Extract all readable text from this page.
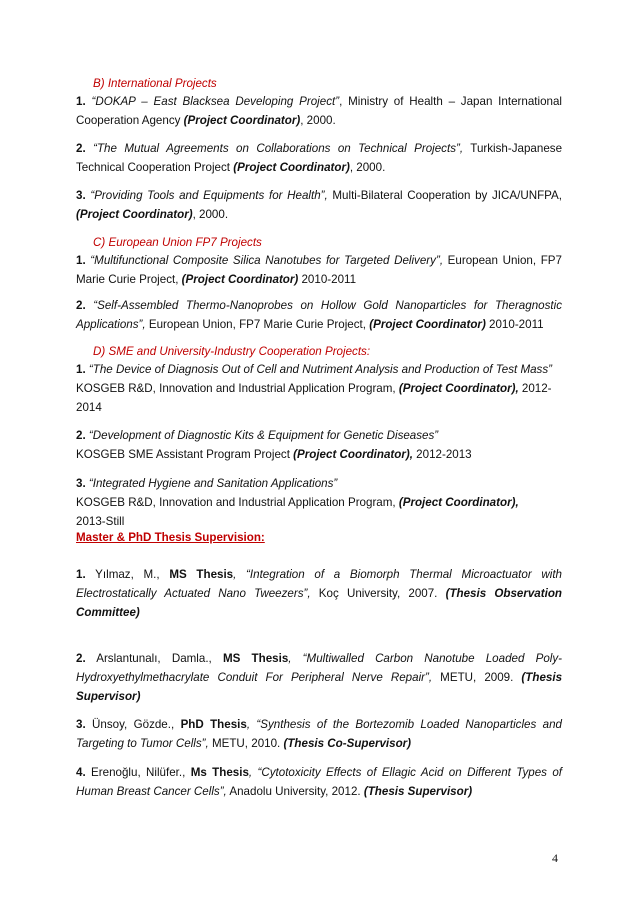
B) International Projects
1. “DOKAP – East Blacksea Developing Project”, Ministry of Health – Japan International Cooperation Agency (Project Coordinator), 2000.
2. “The Mutual Agreements on Collaborations on Technical Projects”, Turkish-Japanese Technical Cooperation Project (Project Coordinator), 2000.
3. “Providing Tools and Equipments for Health”, Multi-Bilateral Cooperation by JICA/UNFPA, (Project Coordinator), 2000.
C) European Union FP7 Projects
1. “Multifunctional Composite Silica Nanotubes for Targeted Delivery”, European Union, FP7 Marie Curie Project, (Project Coordinator) 2010-2011
2. “Self-Assembled Thermo-Nanoprobes on Hollow Gold Nanoparticles for Theragnostic Applications”, European Union, FP7 Marie Curie Project, (Project Coordinator) 2010-2011
D) SME and University-Industry Cooperation Projects:
1. “The Device of Diagnosis Out of Cell and Nutriment Analysis and Production of Test Mass”
KOSGEB R&D, Innovation and Industrial Application Program, (Project Coordinator), 2012-2014
2. “Development of Diagnostic Kits & Equipment for Genetic Diseases”
KOSGEB SME Assistant Program Project (Project Coordinator), 2012-2013
3. “Integrated Hygiene and Sanitation Applications”
KOSGEB R&D, Innovation and Industrial Application Program, (Project Coordinator),
2013-Still
Master & PhD Thesis Supervision:
1. Yılmaz, M., MS Thesis, “Integration of a Biomorph Thermal Microactuator with Electrostatically Actuated Nano Tweezers”, Koç University, 2007. (Thesis Observation Committee)
2. Arslantunalı, Damla., MS Thesis, “Multiwalled Carbon Nanotube Loaded Poly-Hydroxyethylmethacrylate Conduit For Peripheral Nerve Repair”, METU, 2009. (Thesis Supervisor)
3. Ünsoy, Gözde., PhD Thesis, “Synthesis of the Bortezomib Loaded Nanoparticles and Targeting to Tumor Cells”, METU, 2010. (Thesis Co-Supervisor)
4. Erenoğlu, Nilüfer., Ms Thesis, “Cytotoxicity Effects of Ellagic Acid on Different Types of Human Breast Cancer Cells”, Anadolu University, 2012. (Thesis Supervisor)
4
